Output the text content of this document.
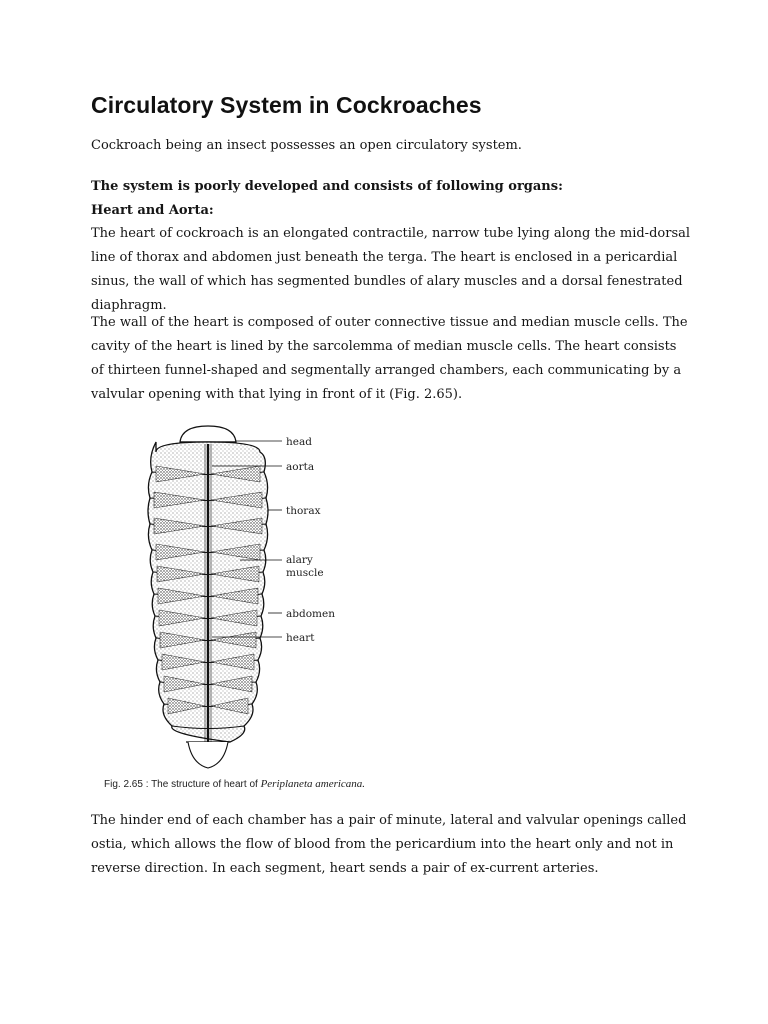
Circulatory System in Cockroaches

Cockroach being an insect possesses an open circulatory system.

The system is poorly developed and consists of following organs:

Heart and Aorta:

The heart of cockroach is an elongated contractile, narrow tube lying along the mid-dorsal line of thorax and abdomen just beneath the terga. The heart is enclosed in a pericardial sinus, the wall of which has segmented bundles of alary muscles and a dorsal fenestrated diaphragm.

The wall of the heart is composed of outer connective tissue and median muscle cells. The cavity of the heart is lined by the sarcolemma of median muscle cells. The heart consists of thirteen funnel-shaped and segmentally arranged chambers, each communicating by a valvular opening with that lying in front of it (Fig. 2.65).

head
aorta
thorax
alary
muscle
abdomen
heart
Fig. 2.65 : The structure of heart of Periplaneta americana.

The hinder end of each chamber has a pair of minute, lateral and valvular openings called ostia, which allows the flow of blood from the pericardium into the heart only and not in reverse direction. In each segment, heart sends a pair of ex-current arteries.
